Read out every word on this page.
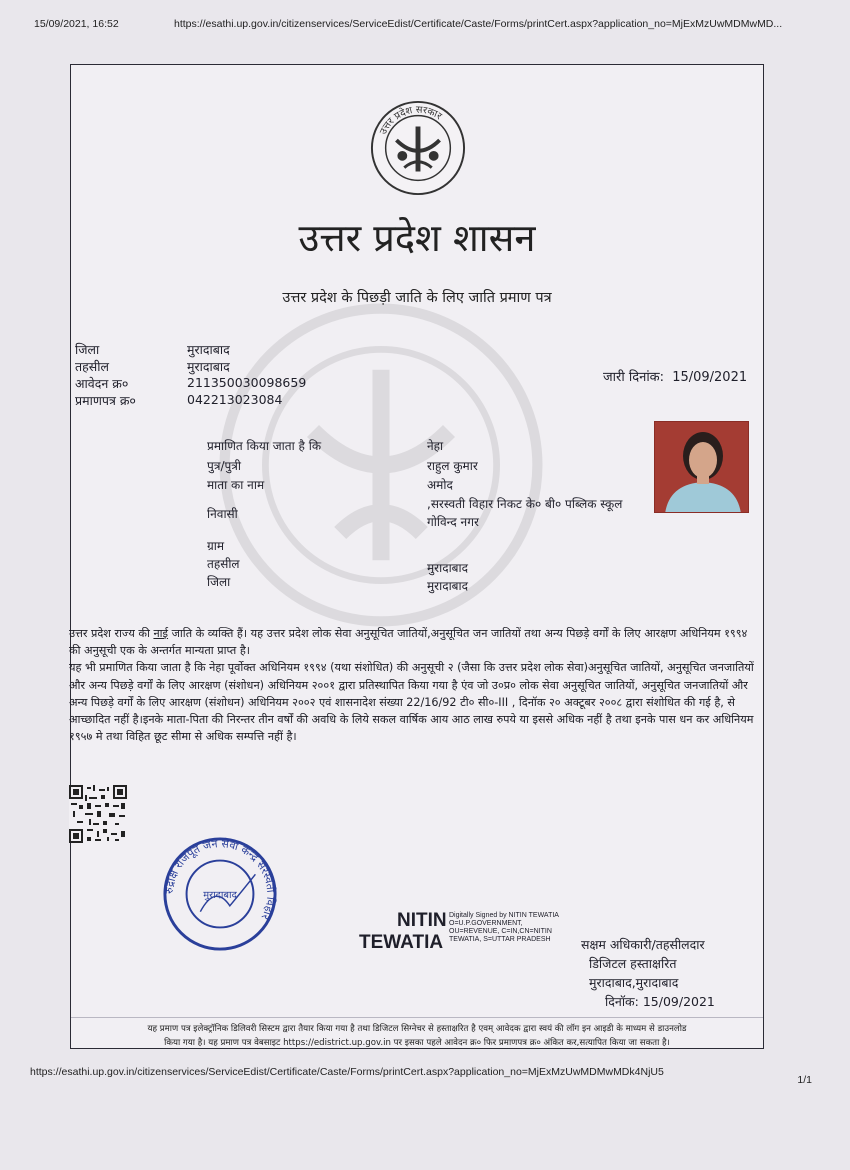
15/09/2021, 16:52	https://esathi.up.gov.in/citizenservices/ServiceEdist/Certificate/Caste/Forms/printCert.aspx?application_no=MjExMzUwMDMwMD...
उत्तर प्रदेश सरकार
उत्तर प्रदेश शासन
उत्तर प्रदेश के पिछड़ी जाति के लिए जाति प्रमाण पत्र
जिला	मुरादाबाद
तहसील	मुरादाबाद
आवेदन क्र०	211350030098659
प्रमाणपत्र क्र०	042213023084
जारी दिनांक: 15/09/2021
प्रमाणित किया जाता है कि	नेहा
पुत्र/पुत्री	राहुल कुमार
माता का नाम	अमोद
निवासी
,सरस्वती विहार निकट के० बी० पब्लिक स्कूल गोविन्द नगर
ग्राम
तहसील	मुरादाबाद
जिला	मुरादाबाद

उत्तर प्रदेश राज्य की नाई जाति के व्यक्ति हैं। यह उत्तर प्रदेश लोक सेवा अनुसूचित जातियों,अनुसूचित जन जातियों तथा अन्य पिछड़े वर्गों के लिए आरक्षण अधिनियम १९९४ की अनुसूची एक के अन्तर्गत मान्यता प्राप्त है।

यह भी प्रमाणित किया जाता है कि नेहा पूर्वोक्त अधिनियम १९९४ (यथा संशोधित) की अनुसूची २ (जैसा कि उत्तर प्रदेश लोक सेवा)अनुसूचित जातियों, अनुसूचित जनजातियों और अन्य पिछड़े वर्गों के लिए आरक्षण (संशोधन) अधिनियम २००१ द्वारा प्रतिस्थापित किया गया है एंव जो उ०प्र० लोक सेवा अनुसूचित जातियों, अनुसूचित जनजातियों और अन्य पिछड़े वर्गों के लिए आरक्षण (संशोधन) अधिनियम २००२ एवं शासनादेश संख्या 22/16/92 टी० सी०-III , दिनॉक २० अक्टूबर २००८ द्वारा संशोधित की गई है, से आच्छादित नहीं है।इनके माता-पिता की निरन्तर तीन वर्षों की अवधि के लिये सकल वार्षिक आय आठ लाख रुपये या इससे अधिक नहीं है तथा इनके पास धन कर अधिनियम १९५७ मे तथा विहित छूट सीमा से अधिक सम्पत्ति नहीं है।

रुद्राक्ष राजपूत जन सेवा केन्द्र सरस्वती विहार
मुरादाबाद
NITIN
TEWATIA
Digitally Signed by NITIN TEWATIA O=U.P.GOVERNMENT, OU=REVENUE, C=IN,CN=NITIN TEWATIA, S=UTTAR PRADESH	सक्षम अधिकारी/तहसीलदार
डिजिटल हस्ताक्षरित
मुरादाबाद,मुरादाबाद
दिनॉक: 15/09/2021
यह प्रमाण पत्र इलेक्ट्रॉनिक डिलिवरी सिस्टम द्वारा तैयार किया गया है तथा डिजिटल सिग्नेचर से हस्ताक्षरित है एवम् आवेदक द्वारा स्वयं की लॉग इन आइडी के माध्यम से डाउनलोड
किया गया है। यह प्रमाण पत्र वेबसाइट https://edistrict.up.gov.in पर इसका पहले आवेदन क्र० फिर प्रमाणपत्र क्र० अंकित कर,सत्यापित किया जा सकता है।
https://esathi.up.gov.in/citizenservices/ServiceEdist/Certificate/Caste/Forms/printCert.aspx?application_no=MjExMzUwMDMwMDk4NjU5
1/1
